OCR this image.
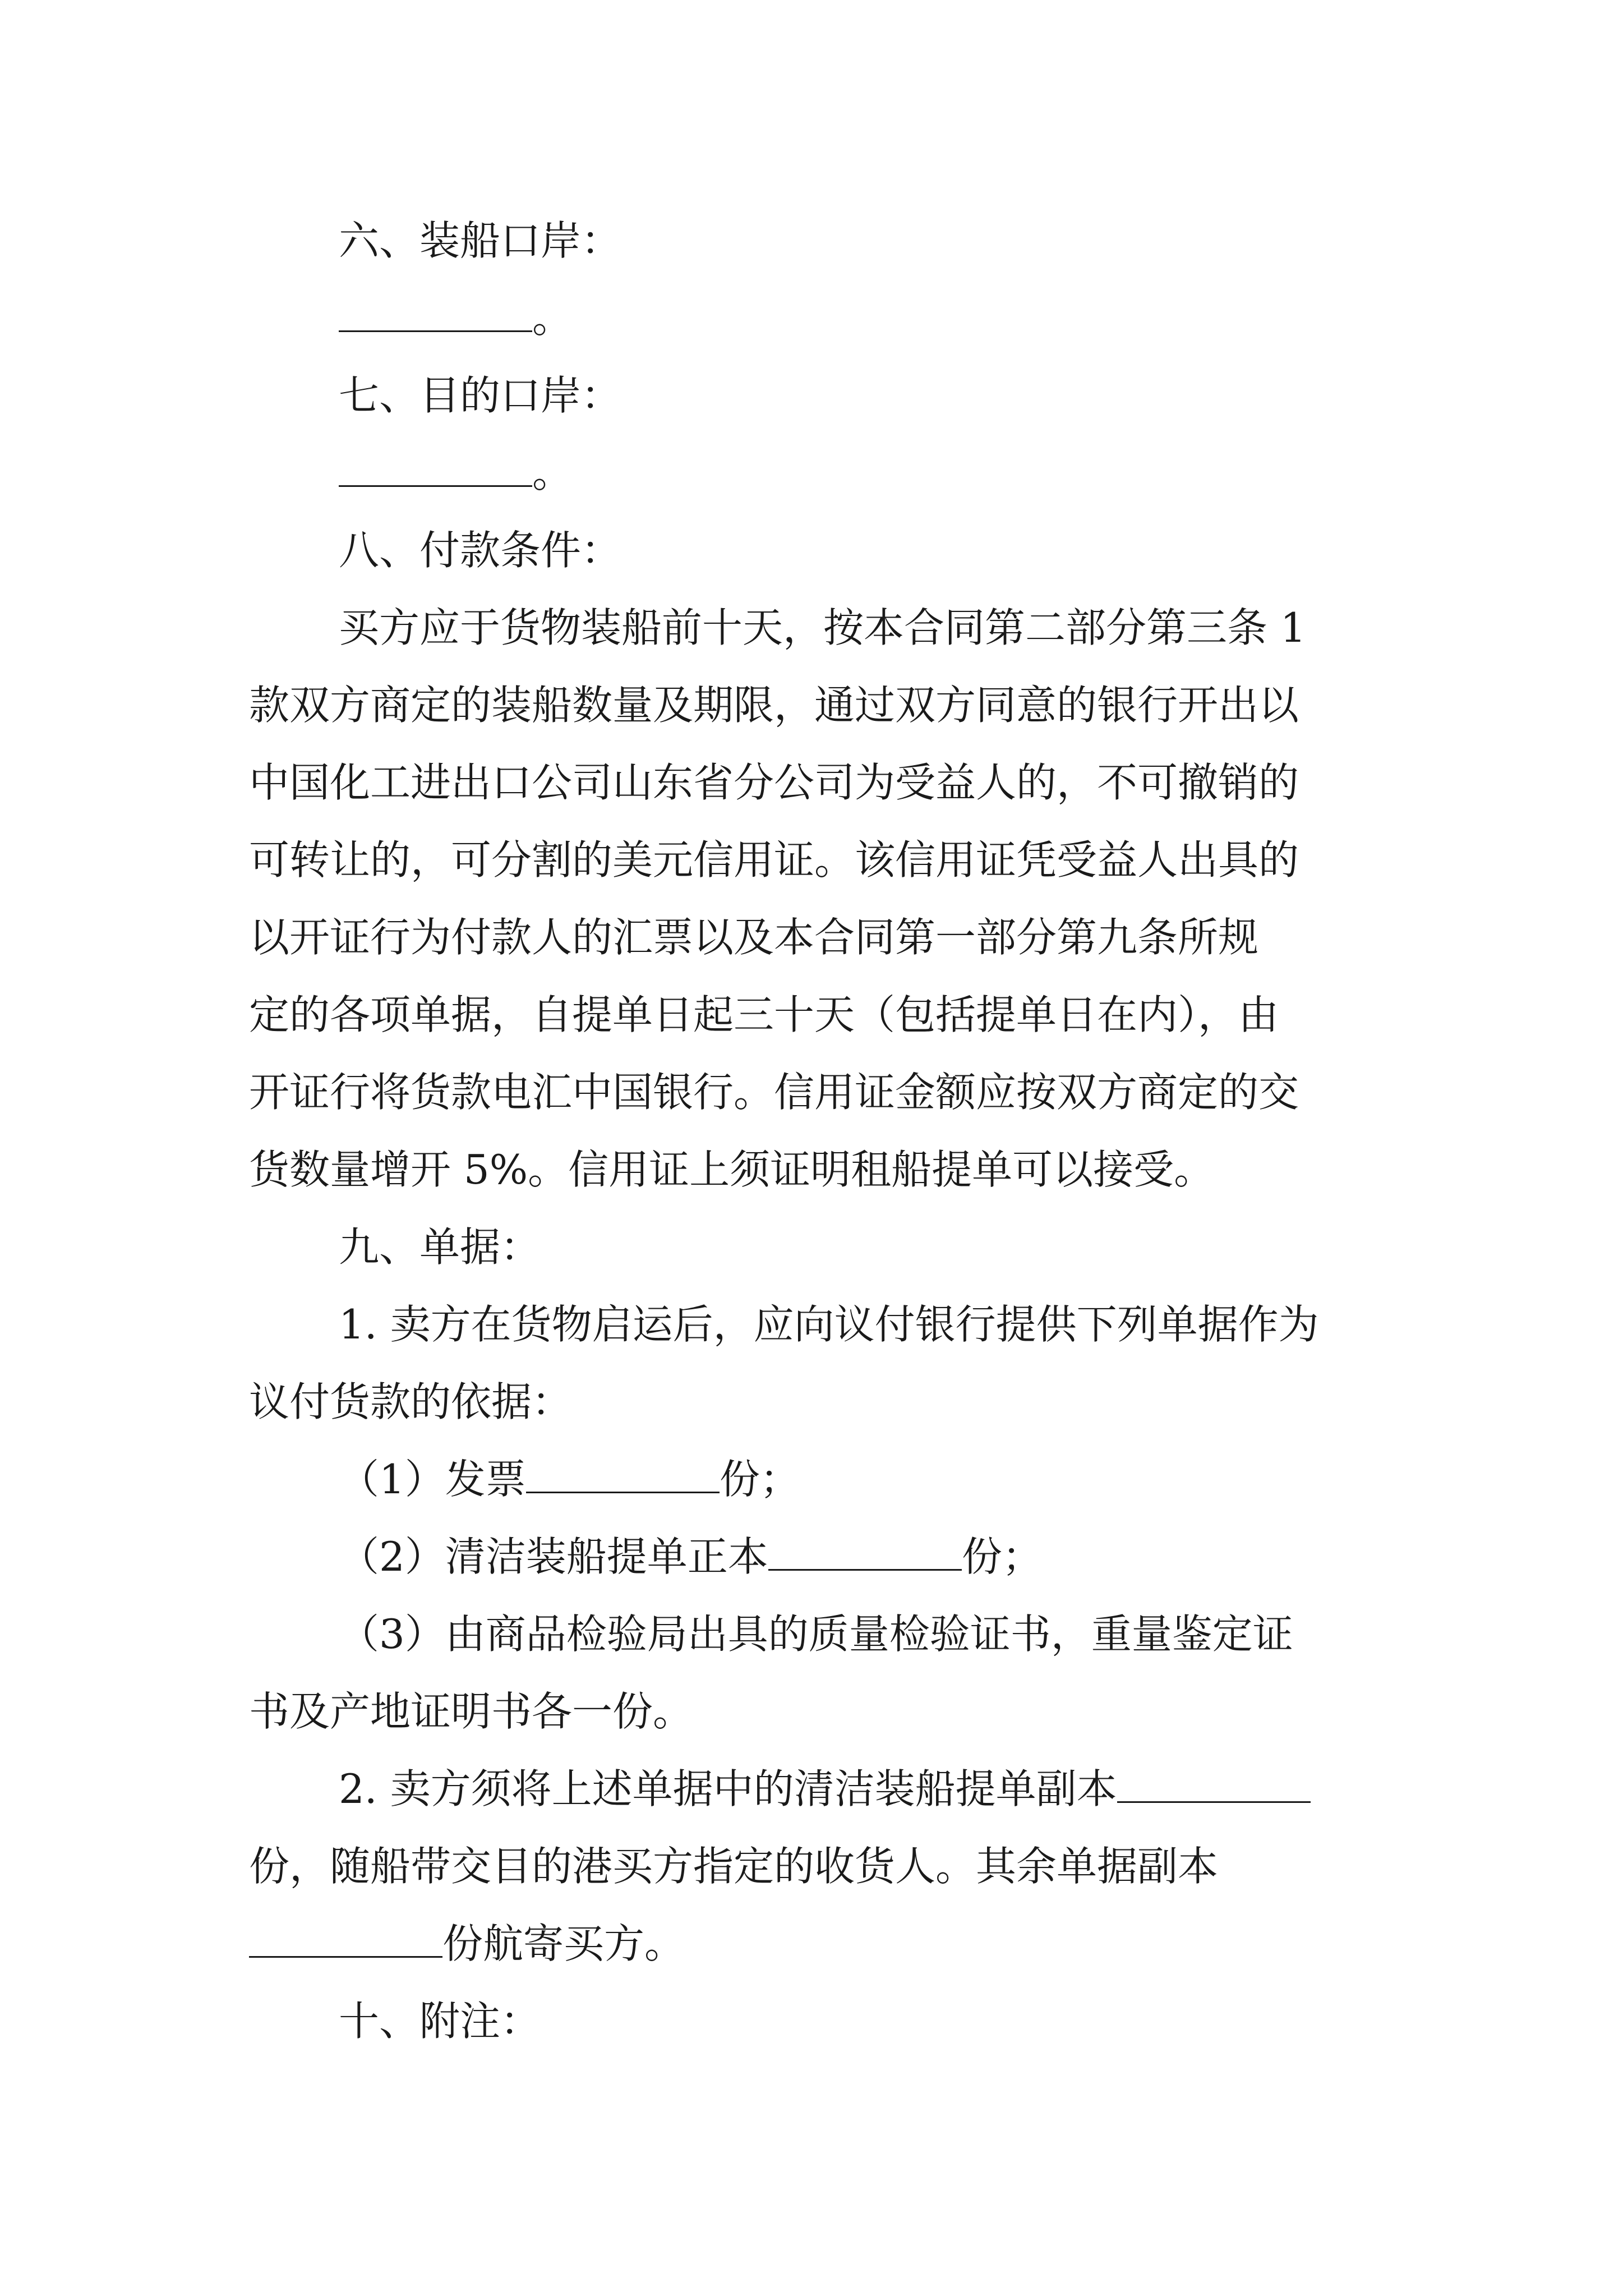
六、装船口岸：
。
七、目的口岸：
。
八、付款条件：
买方应于货物装船前十天，按本合同第二部分第三条 1
款双方商定的装船数量及期限，通过双方同意的银行开出以
中国化工进出口公司山东省分公司为受益人的，不可撤销的
可转让的，可分割的美元信用证。该信用证凭受益人出具的
以开证行为付款人的汇票以及本合同第一部分第九条所规
定的各项单据，自提单日起三十天（包括提单日在内），由
开证行将货款电汇中国银行。信用证金额应按双方商定的交
货数量增开 5%。信用证上须证明租船提单可以接受。
九、单据：
1. 卖方在货物启运后，应向议付银行提供下列单据作为
议付货款的依据：
（1）发票	份；
（2）清洁装船提单正本	份；
（3）由商品检验局出具的质量检验证书，重量鉴定证
书及产地证明书各一份。
2. 卖方须将上述单据中的清洁装船提单副本
份，随船带交目的港买方指定的收货人。其余单据副本
份航寄买方。
十、附注：
